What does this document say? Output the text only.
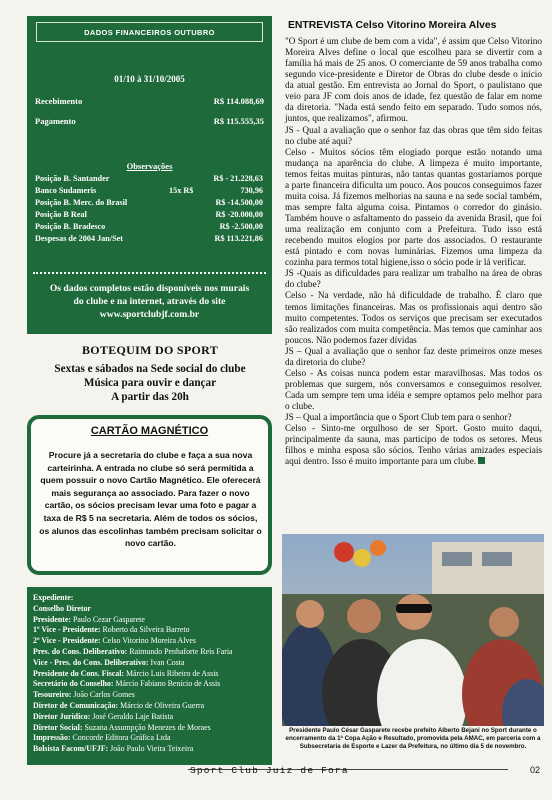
DADOS FINANCEIROS OUTUBRO
01/10 à 31/10/2005
Recebimento	R$ 114.088,69
Pagamento	R$ 115.555,35
Observações
Posição B. Santander	R$ - 21.228,63
Banco Sudameris	15x R$	730,96
Posição B. Merc. do Brasil	R$ -14.500,00
Posição B Real	R$ -20.000,00
Posição B. Bradesco	R$ -2.500,00
Despesas de 2004 Jan/Set	R$ 113.221,86
Os dados completos estão disponíveis nos murais
do clube e na internet, através do site
www.sportclubjf.com.br
BOTEQUIM DO SPORT
Sextas e sábados na Sede social do clube
Música para ouvir e dançar
A partir das 20h
CARTÃO MAGNÉTICO
Procure já a secretaria do clube e faça a sua nova carteirinha. A entrada no clube só será permitida a quem possuir o novo Cartão Magnético. Ele oferecerá mais segurança ao associado. Para fazer o novo cartão, os sócios precisam levar uma foto e pagar a taxa de R$ 5 na secretaria. Além de todos os sócios, os alunos das escolinhas também precisam solicitar o novo cartão.
Expediente:
Conselho Diretor
Presidente: Paulo Cezar Gasparete
1º Vice - Presidente: Roberto da Silveira Barreto
2º Vice - Presidente: Celso Vitorino Moreira Alves
Pres. do Cons. Deliberativo: Raimundo Penhaforte Reis Faria
Vice - Pres. do Cons. Deliberativo: Ivan Costa
Presidente do Cons. Fiscal: Márcio Luis Ribeiro de Assis
Secretário do Conselho: Márcio Fabiano Benício de Assis
Tesoureiro: João Carlos Gomes
Diretor de Comunicação: Márcio de Oliveira Guerra
Diretor Jurídico: José Geraldo Laje Batista
Diretor Social: Suzana Assumpção Menezes de Moraes
Impressão: Concorde Editora Gráfica Ltda
Bolsista Facom/UFJF: João Paulo Vieira Teixeira
ENTREVISTA Celso Vitorino Moreira Alves

"O Sport é um clube de bem com a vida", é assim que Celso Vitorino Moreira Alves define o local que escolheu para se divertir com a família há mais de 25 anos. O comerciante de 59 anos trabalha como segundo vice-presidente e Diretor de Obras do clube desde o início da atual gestão. Em entrevista ao Jornal do Sport, o paulistano que veio para JF com dois anos de idade, fez questão de falar em nome da diretoria. "Nada está sendo feito em separado. Tudo somos nós, juntos, que realizamos", afirmou.

JS - Qual a avaliação que o senhor faz das obras que têm sido feitas no clube até aqui?

Celso - Muitos sócios têm elogiado porque estão notando uma mudança na aparência do clube. A limpeza é muito importante, temos feitas muitas pinturas, não tantas quantas gostaríamos porque a parte financeira dificulta um pouco. Aos poucos conseguimos fazer muita coisa. Já fizemos melhorias na sauna e na sede social também, mas sempre falta alguma coisa. Pintamos o corredor do ginásio. Também houve o asfaltamento do passeio da avenida Brasil, que foi uma realização em conjunto com a Prefeitura. Tudo isso está recebendo muitos elogios por parte dos associados. O restaurante está pintado e com novas luminárias. Fizemos uma limpeza da cozinha para termos total higiene,isso o sócio pode ir lá verificar.

JS -Quais as dificuldades para realizar um trabalho na área de obras do clube?

Celso - Na verdade, não há dificuldade de trabalho. É claro que temos limitações financeiras. Mas os profissionais aqui dentro são muito competentes. Todos os serviços que precisam ser executados são realizados com muita competência. Mas temos que caminhar aos poucos. Não podemos fazer dívidas

JS – Qual a avaliação que o senhor faz deste primeiros onze meses da diretoria do clube?

Celso - As coisas nunca podem estar maravilhosas. Mas todos os problemas que surgem, nós conversamos e conseguimos resolver. Cada um sempre tem uma idéia e sempre optamos pelo melhor para o clube.

JS – Qual a importância que o Sport Club tem para o senhor?

Celso - Sinto-me orgulhoso de ser Sport. Gosto muito daqui, principalmente da sauna, mas participo de todos os setores. Meus filhos e minha esposa são sócios. Tenho várias amizades especiais aqui dentro. Isso é muito importante para um clube.

Presidente Paulo César Gasparete recebe prefeito Alberto Bejani no Sport durante o encerramento da 1ª Copa Ação e Resultado, promovida pela AMAC, em parceria com a Subsecretaria de Esporte e Lazer da Prefeitura, no último dia 5 de novembro.
Sport Club Juiz de Fora	02
